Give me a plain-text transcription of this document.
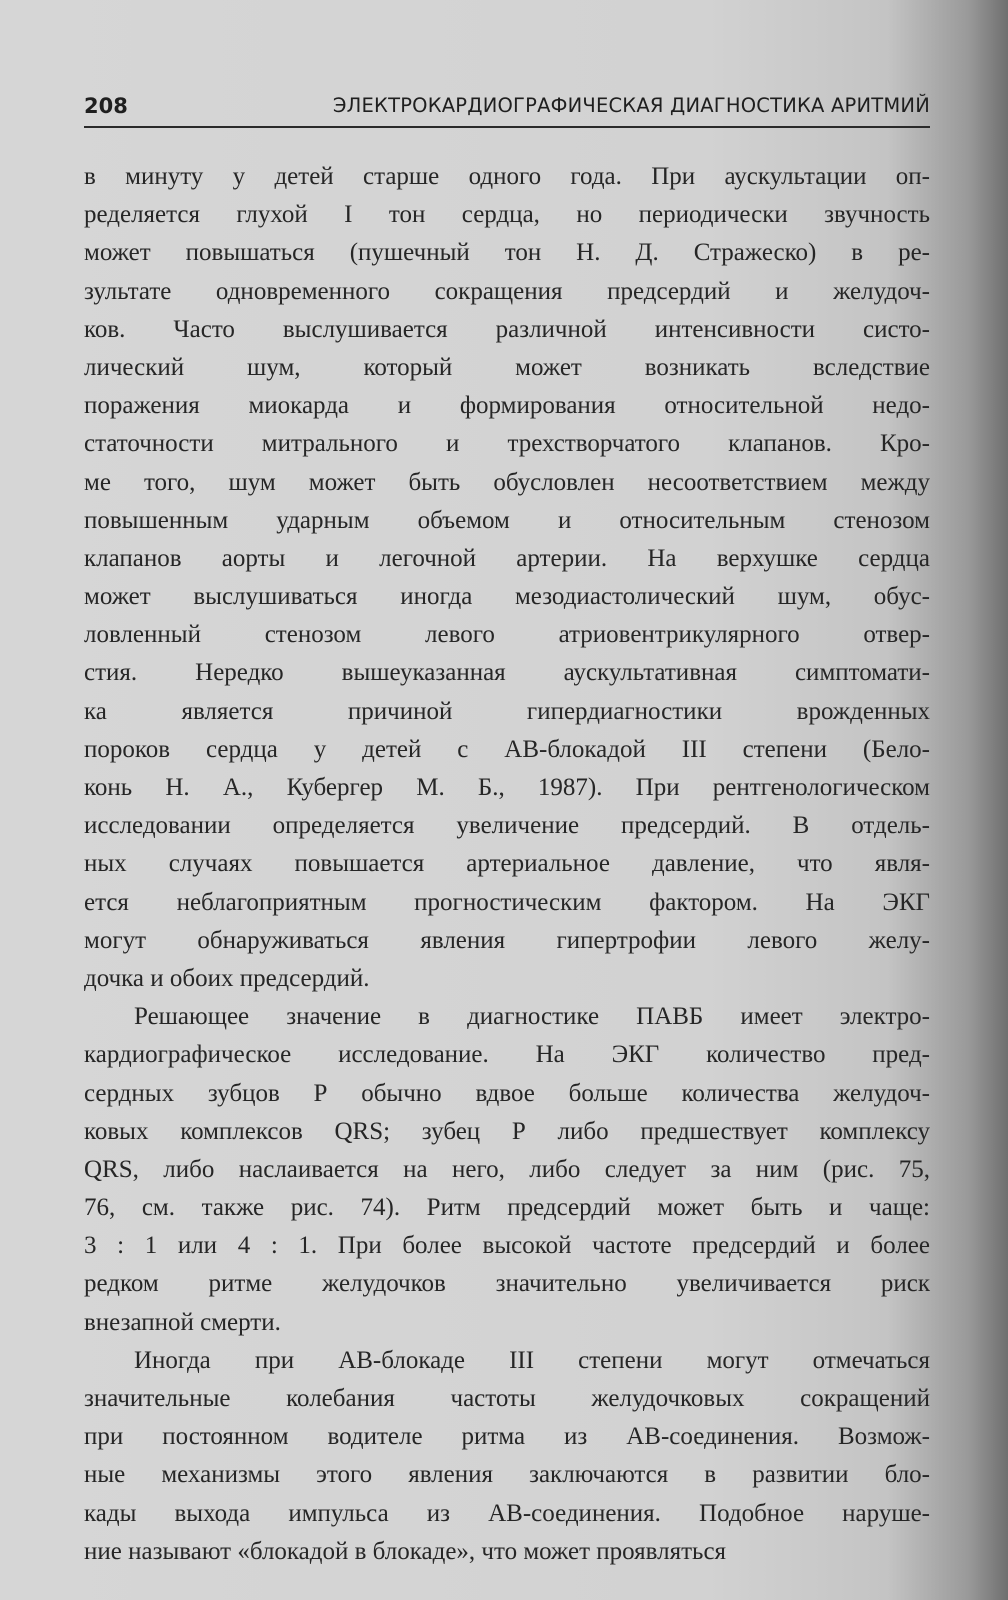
208	ЭЛЕКТРОКАРДИОГРАФИЧЕСКАЯ ДИАГНОСТИКА АРИТМИЙ
в минуту у детей старше одного года. При аускультации оп-
ределяется глухой I тон сердца, но периодически звучность
может повышаться (пушечный тон Н. Д. Стражеско) в ре-
зультате одновременного сокращения предсердий и желудоч-
ков. Часто выслушивается различной интенсивности систо-
лический шум, который может возникать вследствие
поражения миокарда и формирования относительной недо-
статочности митрального и трехстворчатого клапанов. Кро-
ме того, шум может быть обусловлен несоответствием между
повышенным ударным объемом и относительным стенозом
клапанов аорты и легочной артерии. На верхушке сердца
может выслушиваться иногда мезодиастолический шум, обус-
ловленный стенозом левого атриовентрикулярного отвер-
стия. Нередко вышеуказанная аускультативная симптомати-
ка является причиной гипердиагностики врожденных
пороков сердца у детей с АВ-блокадой III степени (Бело-
конь Н. А., Кубергер М. Б., 1987). При рентгенологическом
исследовании определяется увеличение предсердий. В отдель-
ных случаях повышается артериальное давление, что явля-
ется неблагоприятным прогностическим фактором. На ЭКГ
могут обнаруживаться явления гипертрофии левого желу-
дочка и обоих предсердий.
Решающее значение в диагностике ПАВБ имеет электро-
кардиографическое исследование. На ЭКГ количество пред-
сердных зубцов Р обычно вдвое больше количества желудоч-
ковых комплексов QRS; зубец Р либо предшествует комплексу
QRS, либо наслаивается на него, либо следует за ним (рис. 75,
76, см. также рис. 74). Ритм предсердий может быть и чаще:
3 : 1 или 4 : 1. При более высокой частоте предсердий и более
редком ритме желудочков значительно увеличивается риск
внезапной смерти.
Иногда при АВ-блокаде III степени могут отмечаться
значительные колебания частоты желудочковых сокращений
при постоянном водителе ритма из АВ-соединения. Возмож-
ные механизмы этого явления заключаются в развитии бло-
кады выхода импульса из АВ-соединения. Подобное наруше-
ние называют «блокадой в блокаде», что может проявляться
